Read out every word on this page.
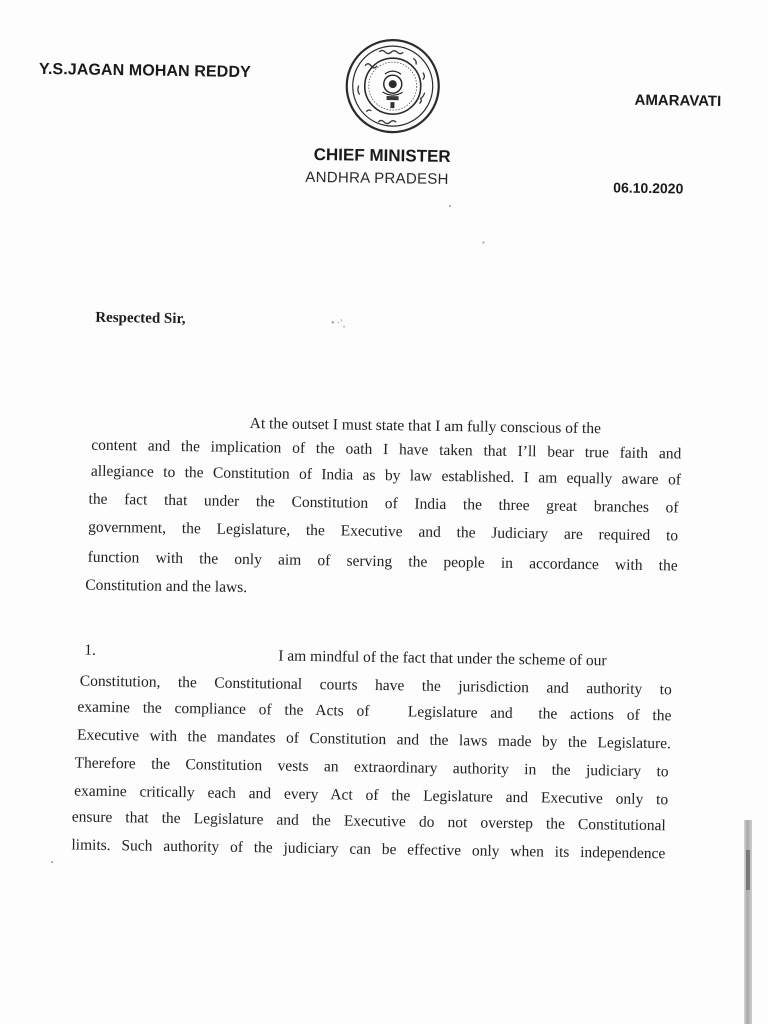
Y.S.JAGAN MOHAN REDDY
AMARAVATI
CHIEF MINISTER
ANDHRA PRADESH	06.10.2020
Respected Sir,	• ·’‸
At the outset I must state that I am fully conscious of the
content and the implication of the oath I have taken that I’ll bear true faith and
allegiance to the Constitution of India as by law established. I am equally aware of
the fact that under the Constitution of India the three great branches of
government, the Legislature, the Executive and the Judiciary are required to
function with the only aim of serving the people in accordance with the
Constitution and the laws.
1.	I am mindful of the fact that under the scheme of our
Constitution, the Constitutional courts have the jurisdiction and authority to
examine the compliance of the Acts of   Legislature and  the actions of the
Executive with the mandates of Constitution and the laws made by the Legislature.
Therefore the Constitution vests an extraordinary authority in the judiciary to
examine critically each and every Act of the Legislature and Executive only to
ensure that the Legislature and the Executive do not overstep the Constitutional
limits. Such authority of the judiciary can be effective only when its independence
